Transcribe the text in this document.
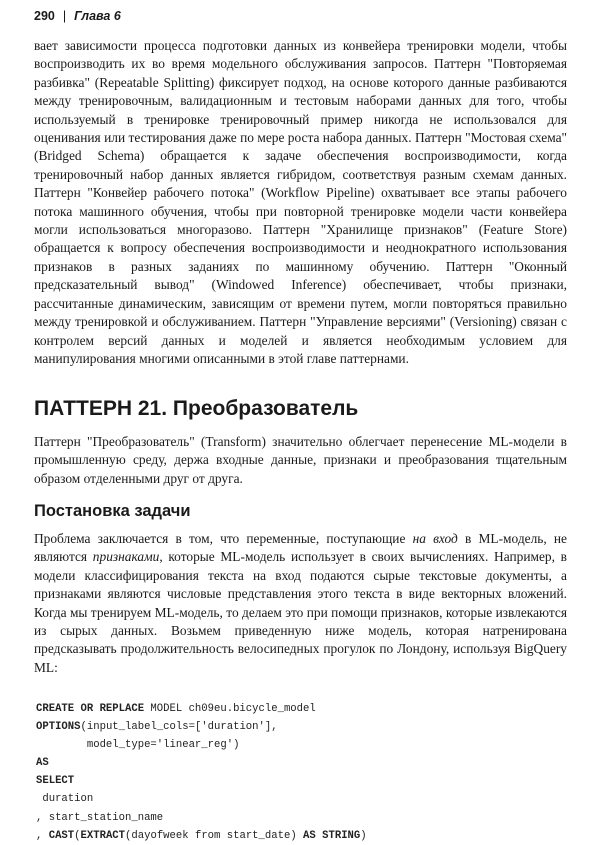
290 | Глава 6

вает зависимости процесса подготовки данных из конвейера тренировки модели, чтобы воспроизводить их во время модельного обслуживания запросов. Паттерн "Повторяемая разбивка" (Repeatable Splitting) фиксирует подход, на основе которого данные разбиваются между тренировочным, валидационным и тестовым наборами данных для того, чтобы используемый в тренировке тренировочный пример никогда не использовался для оценивания или тестирования даже по мере роста набора данных. Паттерн "Мостовая схема" (Bridged Schema) обращается к задаче обеспечения воспроизводимости, когда тренировочный набор данных является гибридом, соответствуя разным схемам данных. Паттерн "Конвейер рабочего потока" (Workflow Pipeline) охватывает все этапы рабочего потока машинного обучения, чтобы при повторной тренировке модели части конвейера могли использоваться многоразово. Паттерн "Хранилище признаков" (Feature Store) обращается к вопросу обеспечения воспроизводимости и неоднократного использования признаков в разных заданиях по машинному обучению. Паттерн "Оконный предсказательный вывод" (Windowed Inference) обеспечивает, чтобы признаки, рассчитанные динамическим, зависящим от времени путем, могли повторяться правильно между тренировкой и обслуживанием. Паттерн "Управление версиями" (Versioning) связан с контролем версий данных и моделей и является необходимым условием для манипулирования многими описанными в этой главе паттернами.

ПАТТЕРН 21. Преобразователь

Паттерн "Преобразователь" (Transform) значительно облегчает перенесение ML-модели в промышленную среду, держа входные данные, признаки и преобразования тщательным образом отделенными друг от друга.

Постановка задачи

Проблема заключается в том, что переменные, поступающие на вход в ML-модель, не являются признаками, которые ML-модель использует в своих вычислениях. Например, в модели классифицирования текста на вход подаются сырые текстовые документы, а признаками являются числовые представления этого текста в виде векторных вложений. Когда мы тренируем ML-модель, то делаем это при помощи признаков, которые извлекаются из сырых данных. Возьмем приведенную ниже модель, которая натренирована предсказывать продолжительность велосипедных прогулок по Лондону, используя BigQuery ML:

CREATE OR REPLACE MODEL ch09eu.bicycle_model
OPTIONS(input_label_cols=['duration'],
model_type='linear_reg')
AS
SELECT
duration
, start_station_name
, CAST(EXTRACT(dayofweek from start_date) AS STRING)
